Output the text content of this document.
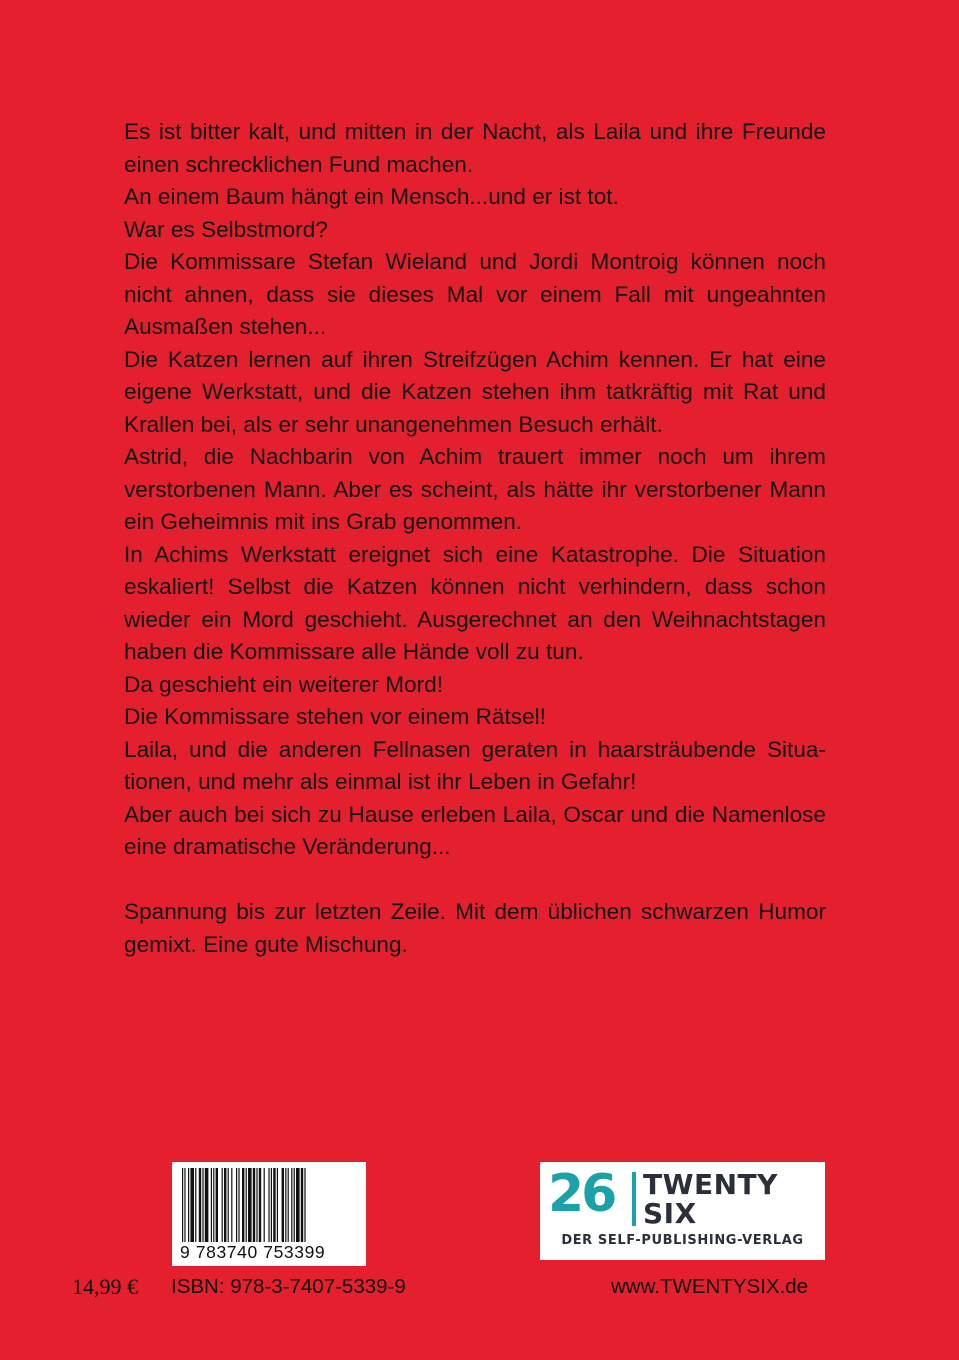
Es ist bitter kalt, und mitten in der Nacht, als Laila und ihre Freunde einen schrecklichen Fund machen.

An einem Baum hängt ein Mensch...und er ist tot.

War es Selbstmord?

Die Kommissare Stefan Wieland und Jordi Montroig können noch nicht ahnen, dass sie dieses Mal vor einem Fall mit ungeahnten Ausmaßen stehen...

Die Katzen lernen auf ihren Streifzügen Achim kennen. Er hat eine eigene Werkstatt, und die Katzen stehen ihm tatkräftig mit Rat und Krallen bei, als er sehr unangenehmen Besuch erhält.

Astrid, die Nachbarin von Achim trauert immer noch um ihrem verstorbenen Mann. Aber es scheint, als hätte ihr verstorbener Mann ein Geheimnis mit ins Grab genommen.

In Achims Werkstatt ereignet sich eine Katastrophe. Die Situation eskaliert! Selbst die Katzen können nicht verhindern, dass schon wieder ein Mord geschieht. Ausgerechnet an den Weihnachtstagen haben die Kommissare alle Hände voll zu tun.

Da geschieht ein weiterer Mord!

Die Kommissare stehen vor einem Rätsel!

Laila, und die anderen Fellnasen geraten in haarsträubende Situationen, und mehr als einmal ist ihr Leben in Gefahr!

Aber auch bei sich zu Hause erleben Laila, Oscar und die Namenlose eine dramatische Veränderung...

Spannung bis zur letzten Zeile. Mit dem üblichen schwarzen Humor gemixt. Eine gute Mischung.

9 783740 753399
14,99 € ISBN: 978-3-7407-5339-9	www.TWENTYSIX.de
26 TWENTY
SIX
DER SELF-PUBLISHING-VERLAG
